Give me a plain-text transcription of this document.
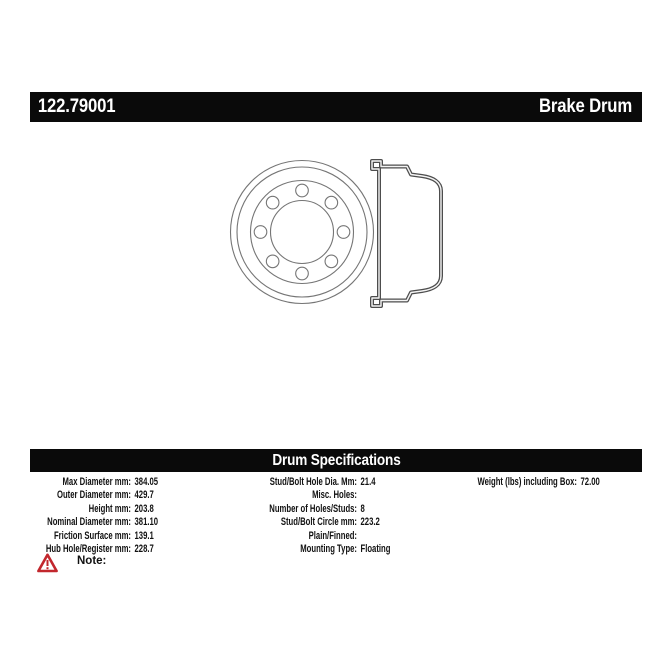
122.79001	Brake Drum
Drum Specifications
Max Diameter mm: 384.05
Outer Diameter mm: 429.7
Height mm: 203.8
Nominal Diameter mm: 381.10
Friction Surface mm: 139.1
Hub Hole/Register mm: 228.7
Stud/Bolt Hole Dia. Mm: 21.4
Misc. Holes:
Number of Holes/Studs: 8
Stud/Bolt Circle mm: 223.2
Plain/Finned:
Mounting Type: Floating
Weight (lbs) including Box: 72.00
Note:
